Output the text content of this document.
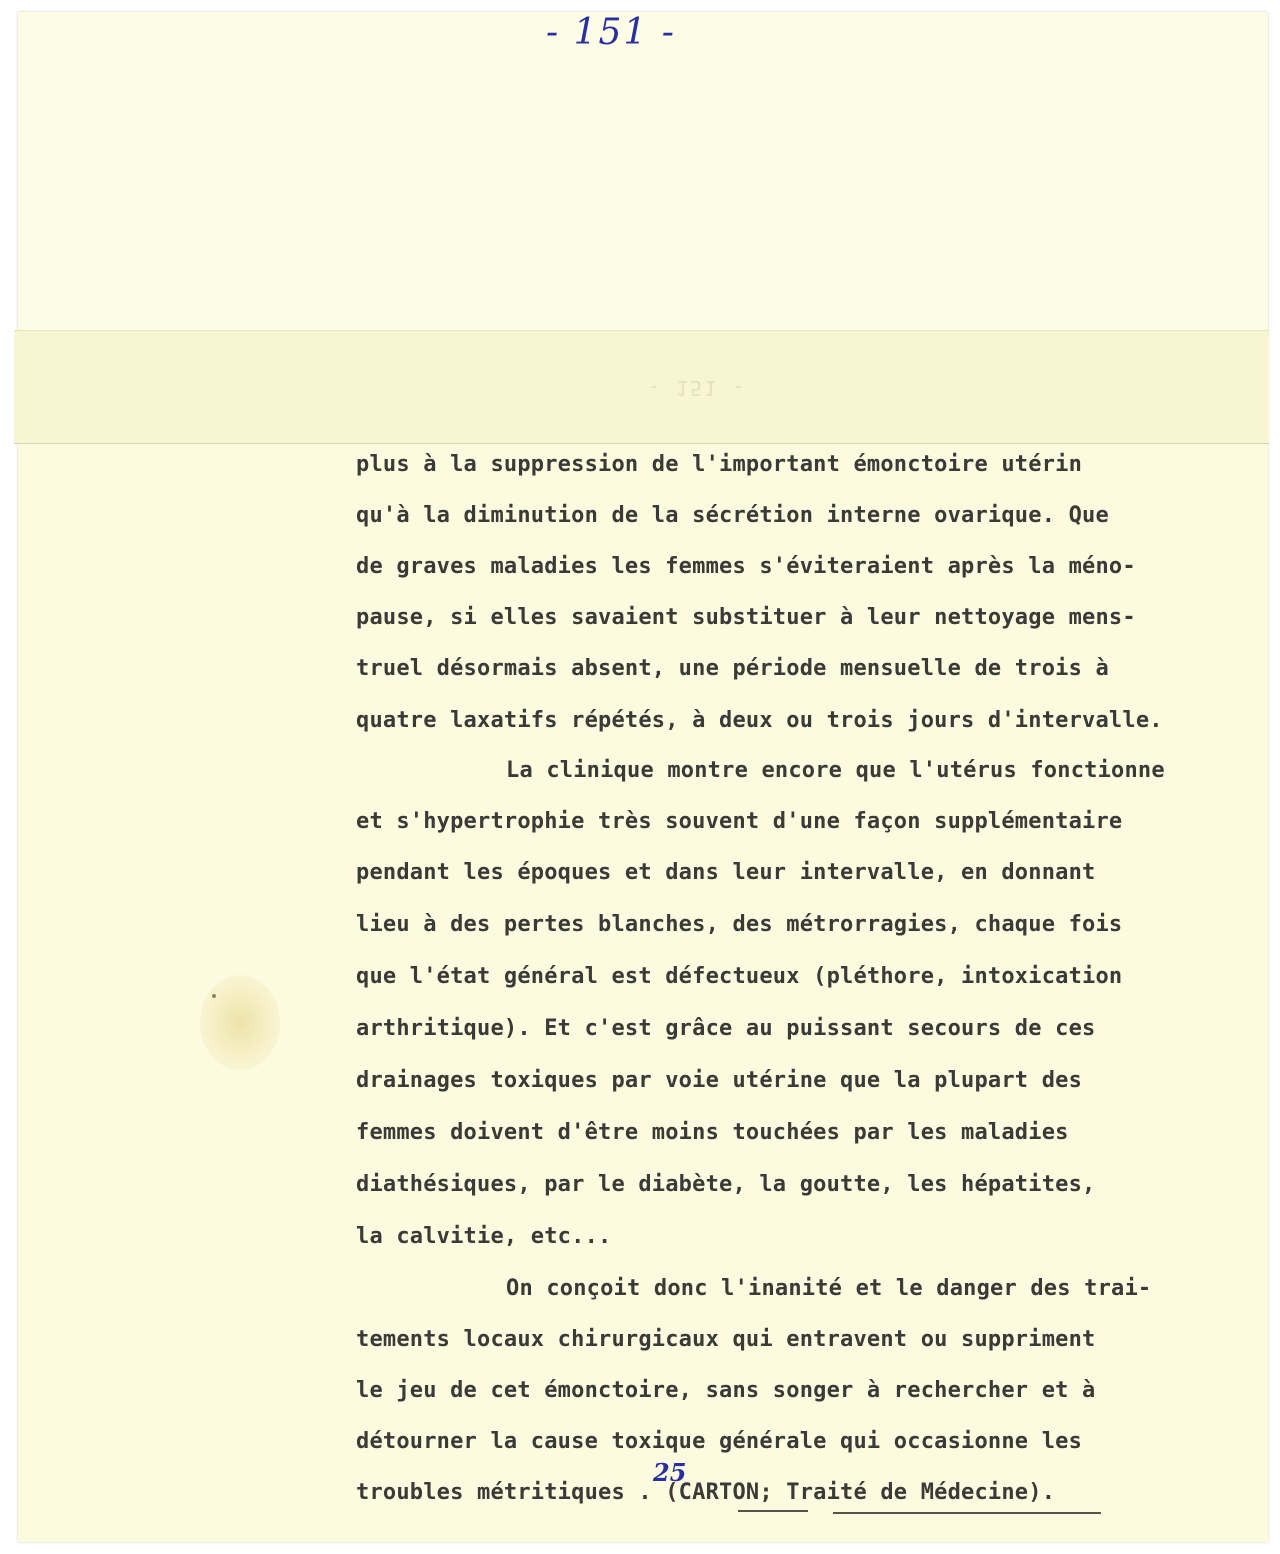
- 151 -
- 151 -
plus à la suppression de l'important émonctoire utérin
qu'à la diminution de la sécrétion interne ovarique. Que
de graves maladies les femmes s'éviteraient après la méno-
pause, si elles savaient substituer à leur nettoyage mens-
truel désormais absent, une période mensuelle de trois à
quatre laxatifs répétés, à deux ou trois jours d'intervalle.
La clinique montre encore que l'utérus fonctionne
et s'hypertrophie très souvent d'une façon supplémentaire
pendant les époques et dans leur intervalle, en donnant
lieu à des pertes blanches, des métrorragies, chaque fois
que l'état général est défectueux (pléthore, intoxication
arthritique). Et c'est grâce au puissant secours de ces
drainages toxiques par voie utérine que la plupart des
femmes doivent d'être moins touchées par les maladies
diathésiques, par le diabète, la goutte, les hépatites,
la calvitie, etc...
On conçoit donc l'inanité et le danger des trai-
tements locaux chirurgicaux qui entravent ou suppriment
le jeu de cet émonctoire, sans songer à rechercher et à
détourner la cause toxique générale qui occasionne les
troubles métritiques . (CARTON; Traité de Médecine).
25
